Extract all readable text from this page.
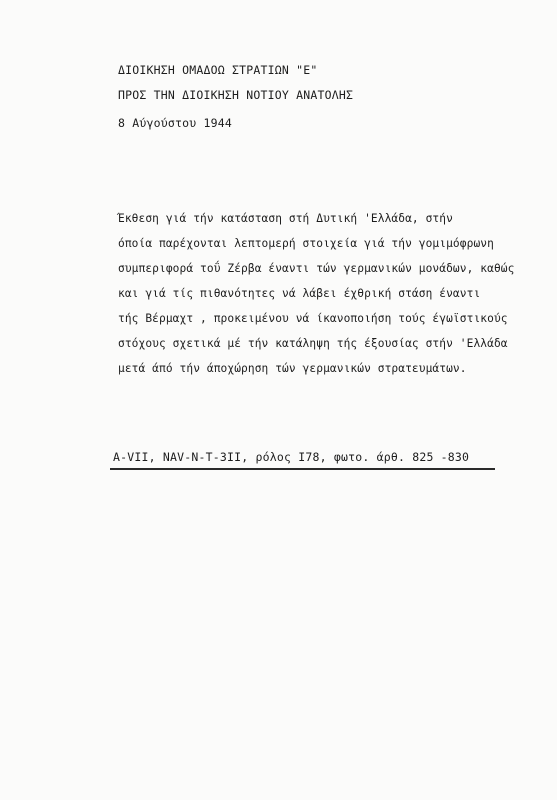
ΔΙΟΙΚΗΣΗ ΟΜΑΔΟΩ ΣΤΡΑΤΙΩΝ "Ε"
ΠΡΟΣ ΤΗΝ ΔΙΟΙΚΗΣΗ ΝΟΤΙΟΥ ΑΝΑΤΟΛΗΣ
8 Αύγούστου 1944
Έκθεση γιά τήν κατάσταση στή Δυτική 'Ελλάδα, στήν
όποία παρέχονται λεπτομερή στοιχεία γιά τήν γομιμόφρωνη
συμπεριφορά τοΰ Ζέρβα έναντι τών γερμανικών μονάδων, καθώς
και γιά τίς πιθανότητες νά λάβει έχθρική στάση έναντι
τής Βέρμαχτ , προκειμένου νά ίκανοποιήση τούς έγωϊστικούς
στόχους σχετικά μέ τήν κατάληψη τής έξουσίας στήν 'Ελλάδα
μετά άπό τήν άποχώρηση τών γερμανικών στρατευμάτων.
A-VII, NAV-N-T-3II, ρόλος I78, φωτο. άρθ. 825 -830
